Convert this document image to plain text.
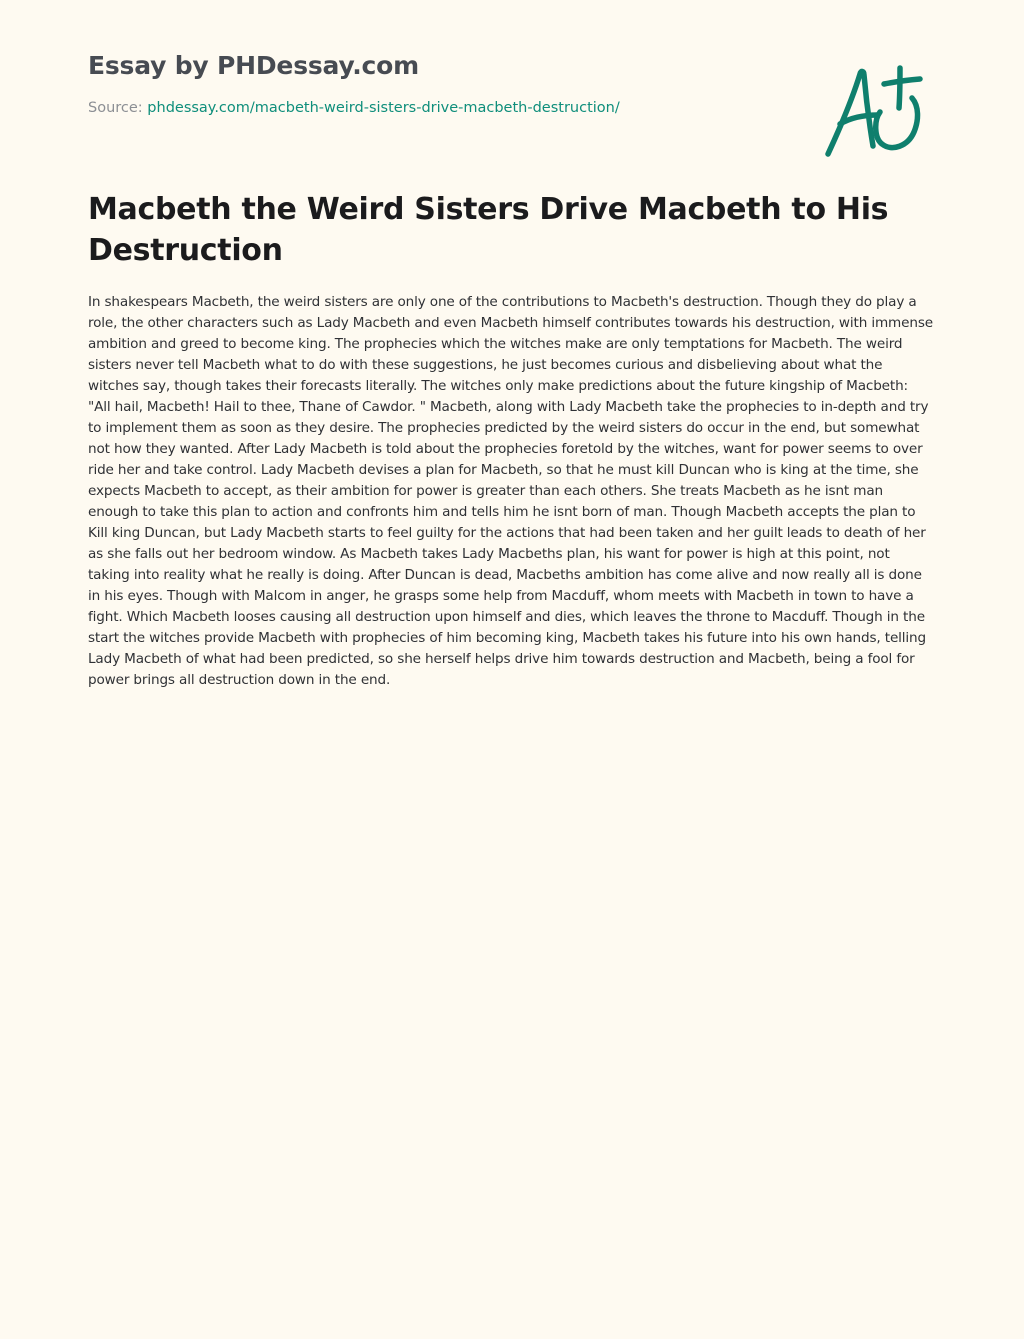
Essay by PHDessay.com
Source: phdessay.com/macbeth-weird-sisters-drive-macbeth-destruction/
Macbeth the Weird Sisters Drive Macbeth to His Destruction

In shakespears Macbeth, the weird sisters are only one of the contributions to Macbeth's destruction. Though they do play a role, the other characters such as Lady Macbeth and even Macbeth himself contributes towards his destruction, with immense ambition and greed to become king. The prophecies which the witches make are only temptations for Macbeth. The weird sisters never tell Macbeth what to do with these suggestions, he just becomes curious and disbelieving about what the witches say, though takes their forecasts literally. The witches only make predictions about the future kingship of Macbeth: "All hail, Macbeth! Hail to thee, Thane of Cawdor. " Macbeth, along with Lady Macbeth take the prophecies to in-depth and try to implement them as soon as they desire. The prophecies predicted by the weird sisters do occur in the end, but somewhat not how they wanted. After Lady Macbeth is told about the prophecies foretold by the witches, want for power seems to over ride her and take control. Lady Macbeth devises a plan for Macbeth, so that he must kill Duncan who is king at the time, she expects Macbeth to accept, as their ambition for power is greater than each others. She treats Macbeth as he isnt man enough to take this plan to action and confronts him and tells him he isnt born of man. Though Macbeth accepts the plan to Kill king Duncan, but Lady Macbeth starts to feel guilty for the actions that had been taken and her guilt leads to death of her as she falls out her bedroom window. As Macbeth takes Lady Macbeths plan, his want for power is high at this point, not taking into reality what he really is doing. After Duncan is dead, Macbeths ambition has come alive and now really all is done in his eyes. Though with Malcom in anger, he grasps some help from Macduff, whom meets with Macbeth in town to have a fight. Which Macbeth looses causing all destruction upon himself and dies, which leaves the throne to Macduff. Though in the start the witches provide Macbeth with prophecies of him becoming king, Macbeth takes his future into his own hands, telling Lady Macbeth of what had been predicted, so she herself helps drive him towards destruction and Macbeth, being a fool for power brings all destruction down in the end.
